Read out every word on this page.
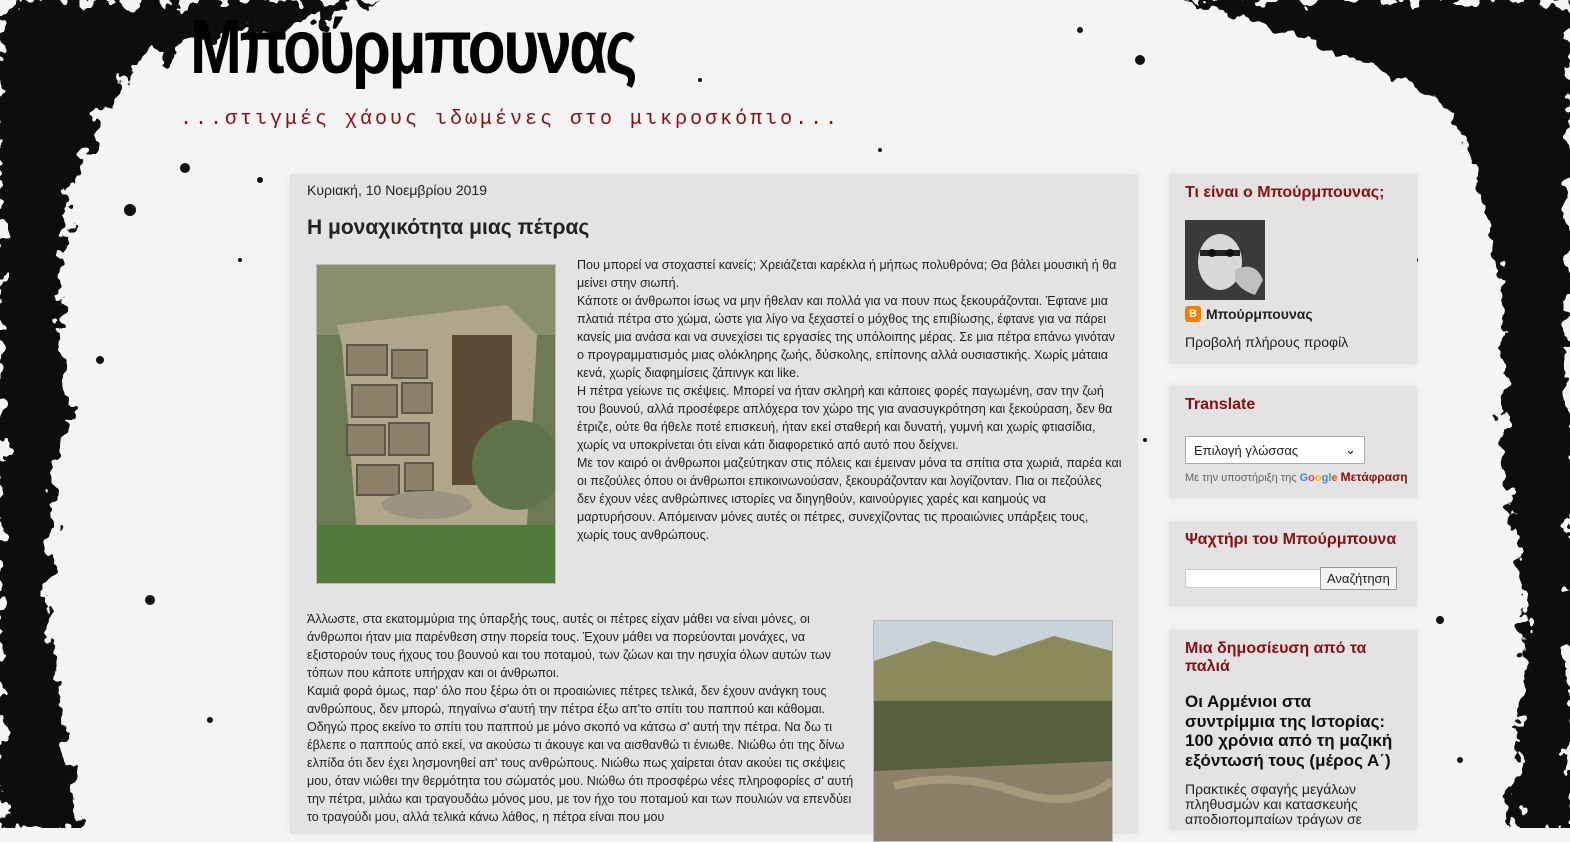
Μπούρμπουνας
...στιγμές χάους ιδωμένες στο μικροσκόπιο...
Κυριακή, 10 Νοεμβρίου 2019
Η μοναχικότητα μιας πέτρας

Που μπορεί να στοχαστεί κανείς; Χρειάζεται καρέκλα ή μήπως πολυθρόνα; Θα βάλει μουσική ή θα μείνει στην σιωπή.

Κάποτε οι άνθρωποι ίσως να μην ήθελαν και πολλά για να πουν πως ξεκουράζονται. Έφτανε μια πλατιά πέτρα στο χώμα, ώστε για λίγο να ξεχαστεί ο μόχθος της επιβίωσης, έφτανε για να πάρει κανείς μια ανάσα και να συνεχίσει τις εργασίες της υπόλοιπης μέρας. Σε μια πέτρα επάνω γινόταν ο προγραμματισμός μιας ολόκληρης ζωής, δύσκολης, επίπονης αλλά ουσιαστικής. Χωρίς μάταια κενά, χωρίς διαφημίσεις ζάπινγκ και like.

Η πέτρα γείωνε τις σκέψεις. Μπορεί να ήταν σκληρή και κάποιες φορές παγωμένη, σαν την ζωή του βουνού, αλλά προσέφερε απλόχερα τον χώρο της για ανασυγκρότηση και ξεκούραση, δεν θα έτριζε, ούτε θα ήθελε ποτέ επισκευή, ήταν εκεί σταθερή και δυνατή, γυμνή και χωρίς φτιασίδια, χωρίς να υποκρίνεται ότι είναι κάτι διαφορετικό από αυτό που δείχνει.

Με τον καιρό οι άνθρωποι μαζεύτηκαν στις πόλεις και έμειναν μόνα τα σπίτια στα χωριά, παρέα και οι πεζούλες όπου οι άνθρωποι επικοινωνούσαν, ξεκουράζονταν και λογίζονταν. Πια οι πεζούλες δεν έχουν νέες ανθρώπινες ιστορίες να διηγηθούν, καινούργιες χαρές και καημούς να μαρτυρήσουν. Απόμειναν μόνες αυτές οι πέτρες, συνεχίζοντας τις προαιώνιες υπάρξεις τους, χωρίς τους ανθρώπους.

Άλλωστε, στα εκατομμύρια της ύπαρξής τους, αυτές οι πέτρες είχαν μάθει να είναι μόνες, οι άνθρωποι ήταν μια παρένθεση στην πορεία τους. Έχουν μάθει να πορεύονται μονάχες, να εξιστορούν τους ήχους του βουνού και του ποταμού, των ζώων και την ησυχία όλων αυτών των τόπων που κάποτε υπήρχαν και οι άνθρωποι.

Καμιά φορά όμως, παρ' όλο που ξέρω ότι οι προαιώνιες πέτρες τελικά, δεν έχουν ανάγκη τους ανθρώπους, δεν μπορώ, πηγαίνω σ'αυτή την πέτρα έξω απ'το σπίτι του παππού και κάθομαι. Οδηγώ προς εκείνο το σπίτι του παππού με μόνο σκοπό να κάτσω σ' αυτή την πέτρα. Να δω τι έβλεπε ο παππούς από εκεί, να ακούσω τι άκουγε και να αισθανθώ τι ένιωθε. Νιώθω ότι της δίνω ελπίδα ότι δεν έχει λησμονηθεί απ' τους ανθρώπους. Νιώθω πως χαίρεται όταν ακούει τις σκέψεις μου, όταν νιώθει την θερμότητα του σώματός μου. Νιώθω ότι προσφέρω νέες πληροφορίες σ' αυτή την πέτρα, μιλάω και τραγουδάω μόνος μου, με τον ήχο του ποταμού και των πουλιών να επενδύει το τραγούδι μου, αλλά τελικά κάνω λάθος, η πέτρα είναι που μου

Τι είναι ο Μπούρμπουνας;
B Μπούρμπουνας
Προβολή πλήρους προφίλ
Translate
Επιλογή γλώσσας	⌄
Με την υποστήριξη της Google Μετάφραση
Ψαχτήρι του Μπούρμπουνα
Αναζήτηση
Μια δημοσίευση από τα παλιά
Οι Αρμένιοι στα συντρίμμια της Ιστορίας: 100 χρόνια από τη μαζική εξόντωσή τους (μέρος Α΄)
Πρακτικές σφαγής μεγάλων πληθυσμών και κατασκευής αποδιοπομπαίων τράγων σε
